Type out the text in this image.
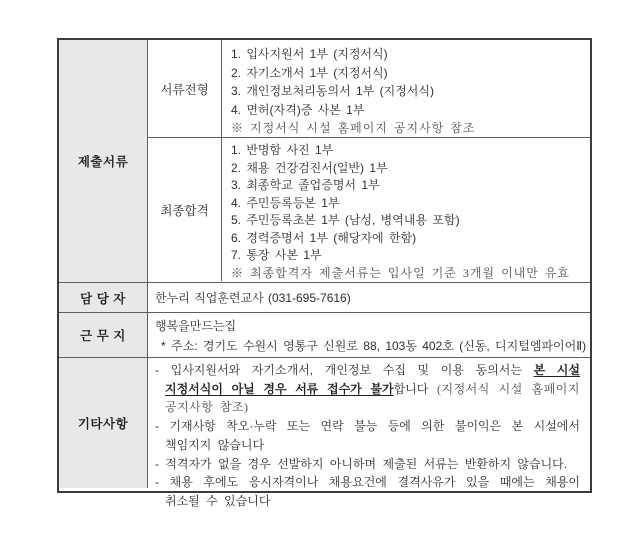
제출서류
서류전형
1. 입사지원서 1부 (지정서식)
2. 자기소개서 1부 (지정서식)
3. 개인정보처리동의서 1부 (지정서식)
4. 면허(자격)증 사본 1부
※ 지정서식 시설 홈페이지 공지사항 참조
최종합격
1. 반명함 사진 1부
2. 채용 건강검진서(일반) 1부
3. 최종학교 졸업증명서 1부
4. 주민등록등본 1부
5. 주민등록초본 1부 (남성, 병역내용 포함)
6. 경력증명서 1부 (해당자에 한함)
7. 통장 사본 1부
※ 최종합격자 제출서류는 입사일 기준 3개월 이내만 유효
담 당 자	한누리 직업훈련교사 (031-695-7616)
근 무 지
행복을만드는집
* 주소: 경기도 수원시 영통구 신원로 88, 103동 402호 (신동, 디지털엠파이어Ⅱ)
기타사항

- 입사지원서와 자기소개서, 개인정보 수집 및 이용 동의서는 본 시설 지정서식이 아닐 경우 서류 접수가 불가합니다 (지정서식 시설 홈페이지 공지사항 참조)

- 기재사항 착오·누락 또는 연락 불능 등에 의한 불이익은 본 시설에서 책임지지 않습니다

- 적격자가 없을 경우 선발하지 아니하며 제출된 서류는 반환하지 않습니다.

- 채용 후에도 응시자격이나 채용요건에 결격사유가 있을 때에는 채용이 취소될 수 있습니다
